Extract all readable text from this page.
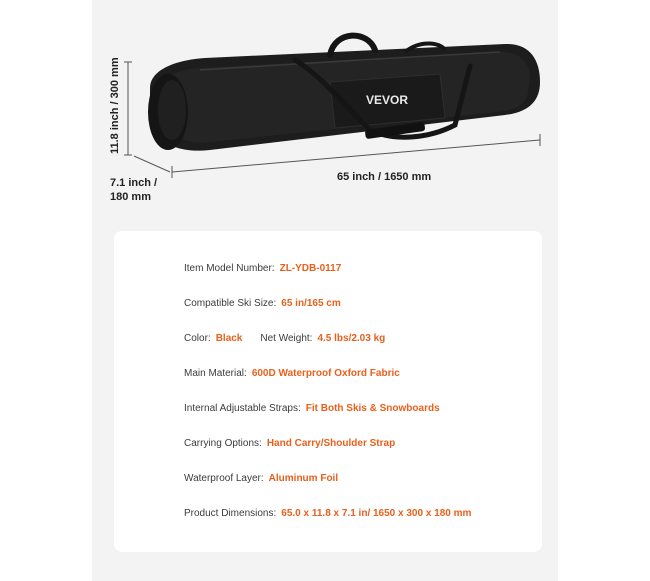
VEVOR
11.8 inch / 300 mm
7.1 inch /
180 mm
65 inch / 1650 mm
Item Model Number: ZL-YDB-0117
Compatible Ski Size: 65 in/165 cm
Color: Black Net Weight: 4.5 lbs/2.03 kg
Main Material: 600D Waterproof Oxford Fabric
Internal Adjustable Straps: Fit Both Skis & Snowboards
Carrying Options: Hand Carry/Shoulder Strap
Waterproof Layer: Aluminum Foil
Product Dimensions: 65.0 x 11.8 x 7.1 in/ 1650 x 300 x 180 mm
